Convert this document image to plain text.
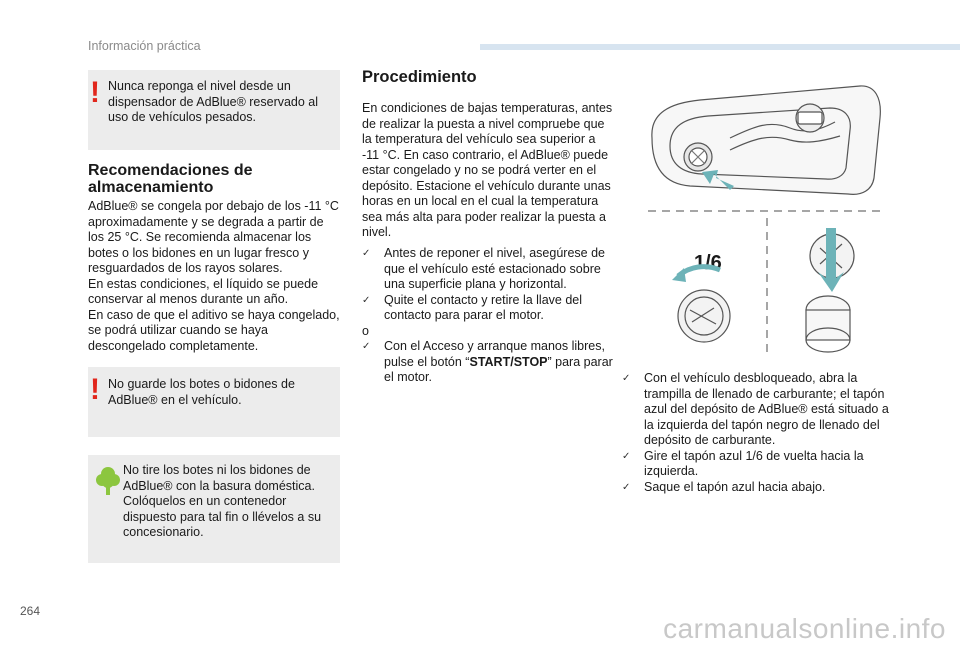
Información práctica
! Nunca reponga el nivel desde un dispensador de AdBlue® reservado al uso de vehículos pesados.

Recomendaciones de
almacenamiento

AdBlue® se congela por debajo de los -11 °C aproximadamente y se degrada a partir de los 25 °C. Se recomienda almacenar los botes o los bidones en un lugar fresco y resguardados de los rayos solares.

En estas condiciones, el líquido se puede conservar al menos durante un año.

En caso de que el aditivo se haya congelado, se podrá utilizar cuando se haya descongelado completamente.

! No guarde los botes o bidones de AdBlue® en el vehículo.

No tire los botes ni los bidones de AdBlue® con la basura doméstica. Colóquelos en un contenedor dispuesto para tal fin o llévelos a su concesionario.

Procedimiento
En condiciones de bajas temperaturas, antes de realizar la puesta a nivel compruebe que la temperatura del vehículo sea superior a -11 °C. En caso contrario, el AdBlue® puede estar congelado y no se podrá verter en el depósito. Estacione el vehículo durante unas horas en un local en el cual la temperatura sea más alta para poder realizar la puesta a nivel.
✓ Antes de reponer el nivel, asegúrese de que el vehículo esté estacionado sobre una superficie plana y horizontal.
✓ Quite el contacto y retire la llave del contacto para parar el motor.
o
✓ Con el Acceso y arranque manos libres, pulse el botón “START/STOP” para parar el motor.
1/6
✓ Con el vehículo desbloqueado, abra la trampilla de llenado de carburante; el tapón azul del depósito de AdBlue® está situado a la izquierda del tapón negro de llenado del depósito de carburante.
✓ Gire el tapón azul 1/6 de vuelta hacia la izquierda.
✓ Saque el tapón azul hacia abajo.
264
carmanualsonline.info
